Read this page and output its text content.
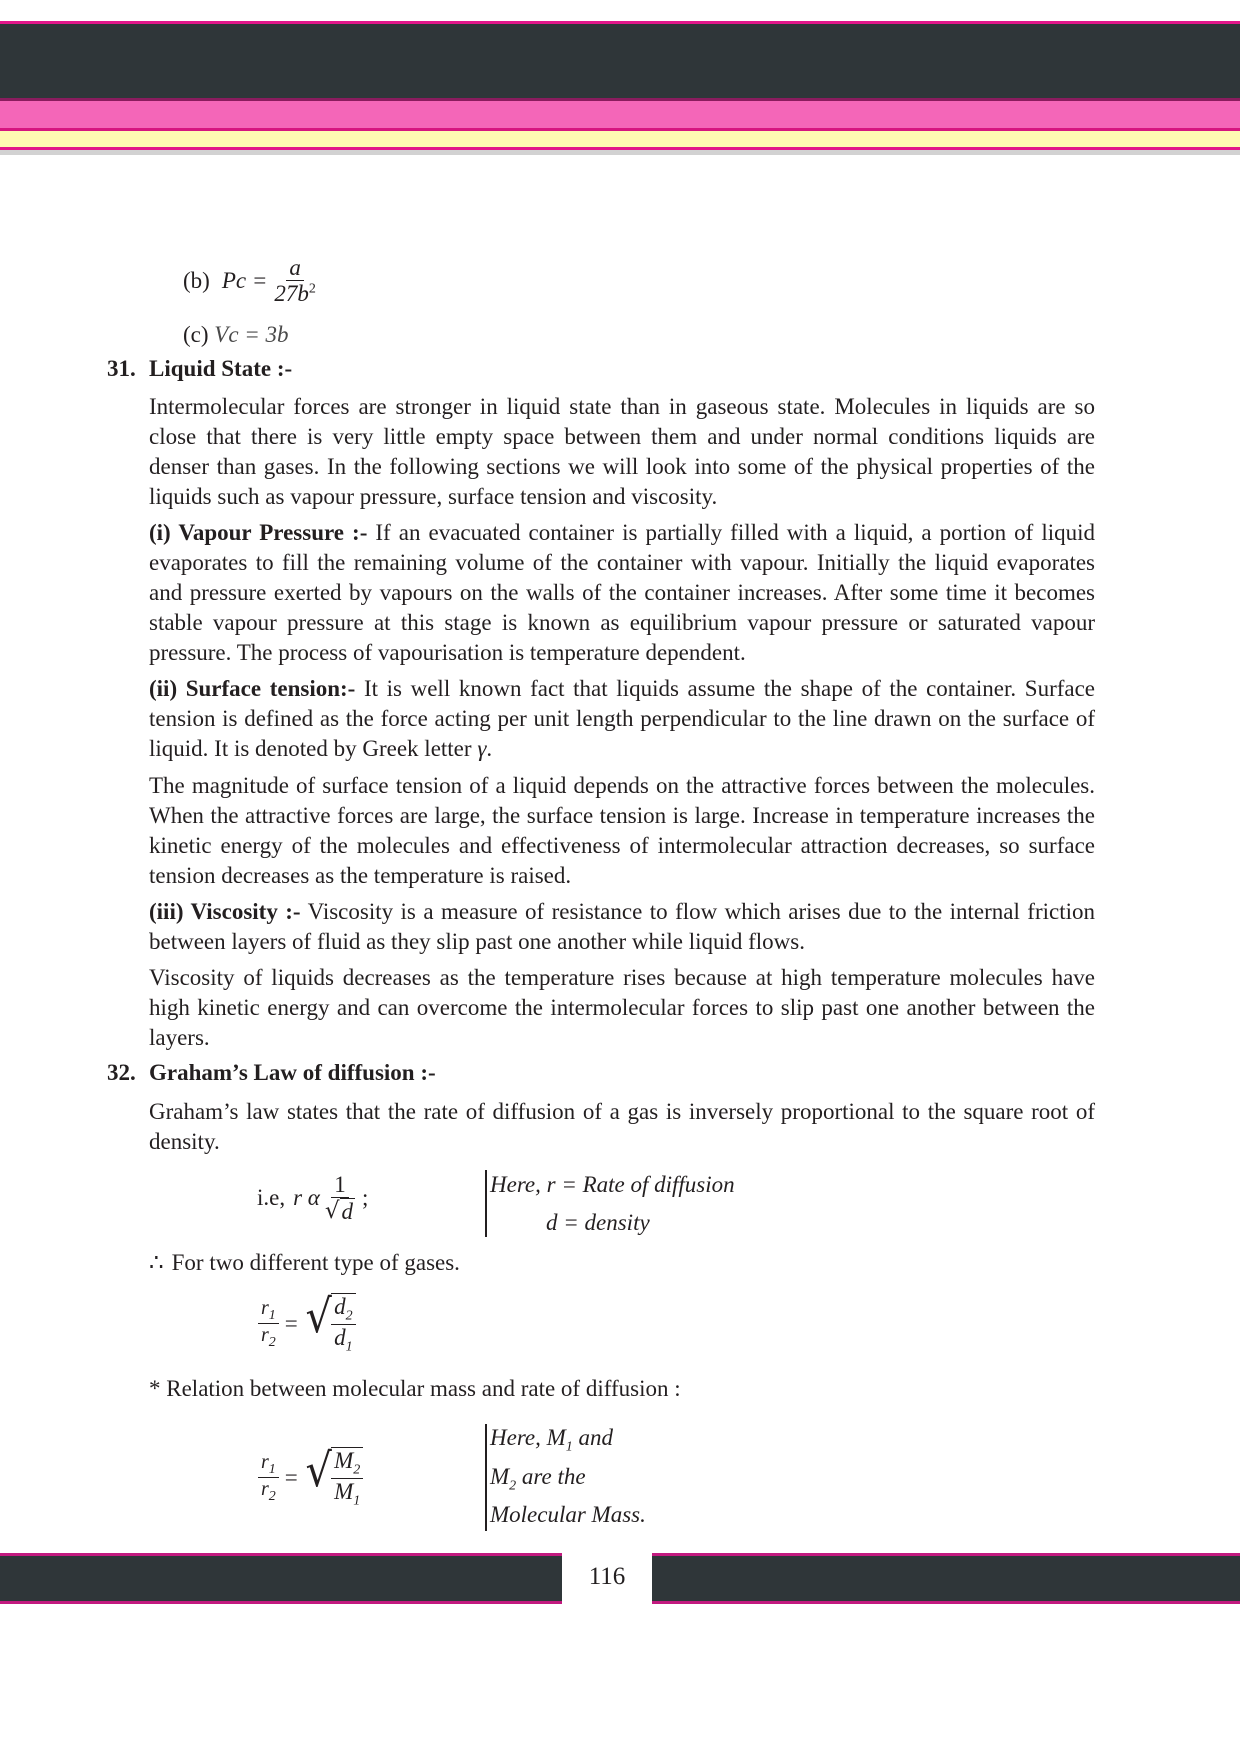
(b) $Pc = \frac{a}{27b^2}$
(c) Vc = 3b
31. Liquid State :-
Intermolecular forces are stronger in liquid state than in gaseous state. Molecules in liquids are so close that there is very little empty space between them and under normal conditions liquids are denser than gases. In the following sections we will look into some of the physical properties of the liquids such as vapour pressure, surface tension and viscosity.
(i) Vapour Pressure :- If an evacuated container is partially filled with a liquid, a portion of liquid evaporates to fill the remaining volume of the container with vapour. Initially the liquid evaporates and pressure exerted by vapours on the walls of the container increases. After some time it becomes stable vapour pressure at this stage is known as equilibrium vapour pressure or saturated vapour pressure. The process of vapourisation is temperature dependent.
(ii) Surface tension:- It is well known fact that liquids assume the shape of the container. Surface tension is defined as the force acting per unit length perpendicular to the line drawn on the surface of liquid. It is denoted by Greek letter γ.
The magnitude of surface tension of a liquid depends on the attractive forces between the molecules. When the attractive forces are large, the surface tension is large. Increase in temperature increases the kinetic energy of the molecules and effectiveness of intermolecular attraction decreases, so surface tension decreases as the temperature is raised.
(iii) Viscosity :- Viscosity is a measure of resistance to flow which arises due to the internal friction between layers of fluid as they slip past one another while liquid flows.
Viscosity of liquids decreases as the temperature rises because at high temperature molecules have high kinetic energy and can overcome the intermolecular forces to slip past one another between the layers.
32. Graham’s Law of diffusion :-
Graham’s law states that the rate of diffusion of a gas is inversely proportional to the square root of density.
i.e, r α $\frac{1}{√ d}$ ;
Here, r = Rate of diffusion
d = density
∴ For two different type of gases.
$\frac{r_1}{r_2}$ = √ $\frac{d_2}{d_1}$
* Relation between molecular mass and rate of diffusion :
$\frac{r_1}{r_2}$ = √ $\frac{M_2}{M_1}$
Here, $M_1$ and
$M_2$ are the
Molecular Mass.
116
